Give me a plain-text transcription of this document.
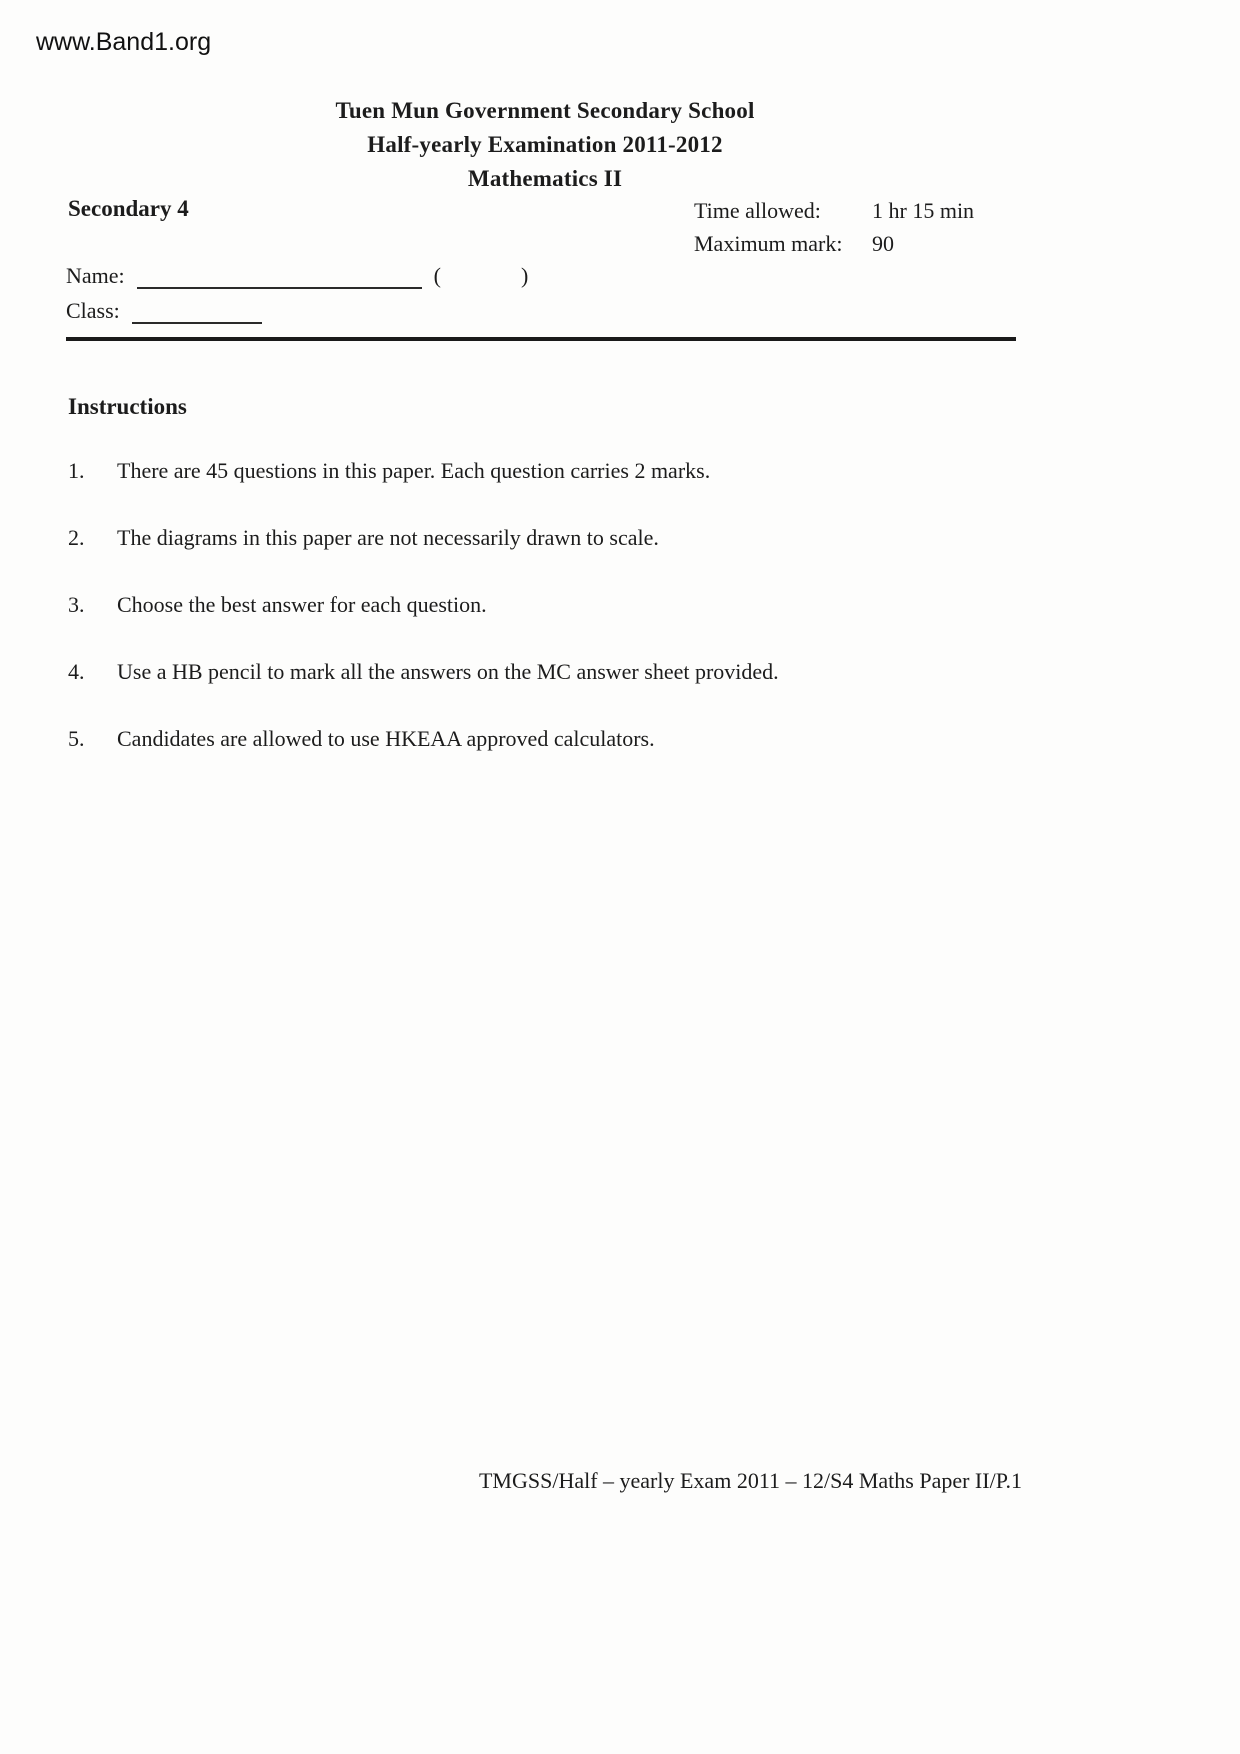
www.Band1.org
Tuen Mun Government Secondary School
Half-yearly Examination 2011-2012
Mathematics II
Secondary 4	Time allowed:	1 hr 15 min
Maximum mark:	90
Name:	(	)
Class:
Instructions
1.	There are 45 questions in this paper. Each question carries 2 marks.
2.	The diagrams in this paper are not necessarily drawn to scale.
3.	Choose the best answer for each question.
4.	Use a HB pencil to mark all the answers on the MC answer sheet provided.
5.	Candidates are allowed to use HKEAA approved calculators.
TMGSS/Half – yearly Exam 2011 – 12/S4 Maths Paper II/P.1
